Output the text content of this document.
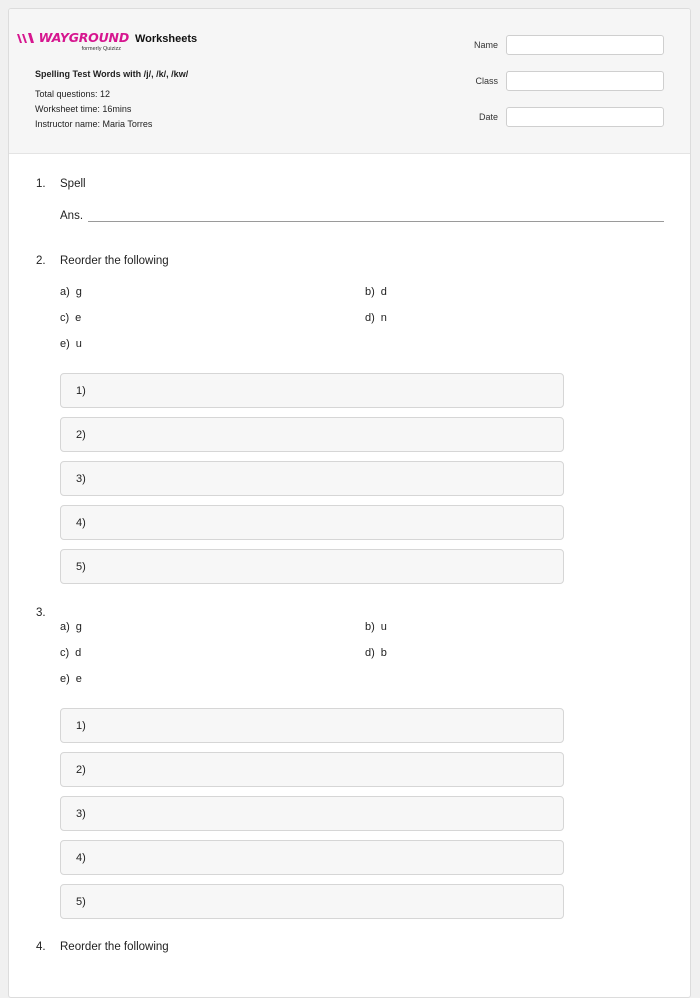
WAYGROUND
formerly Quizizz
Worksheets
Spelling Test Words with /j/, /k/, /kw/
Total questions: 12
Worksheet time: 16mins
Instructor name: Maria Torres
Name
Class
Date
1.	Spell
Ans.
2.	Reorder the following
a) g	b) d
c) e	d) n
e) u
1)
2)
3)
4)
5)
3.
a) g	b) u
c) d	d) b
e) e
1)
2)
3)
4)
5)
4.	Reorder the following
